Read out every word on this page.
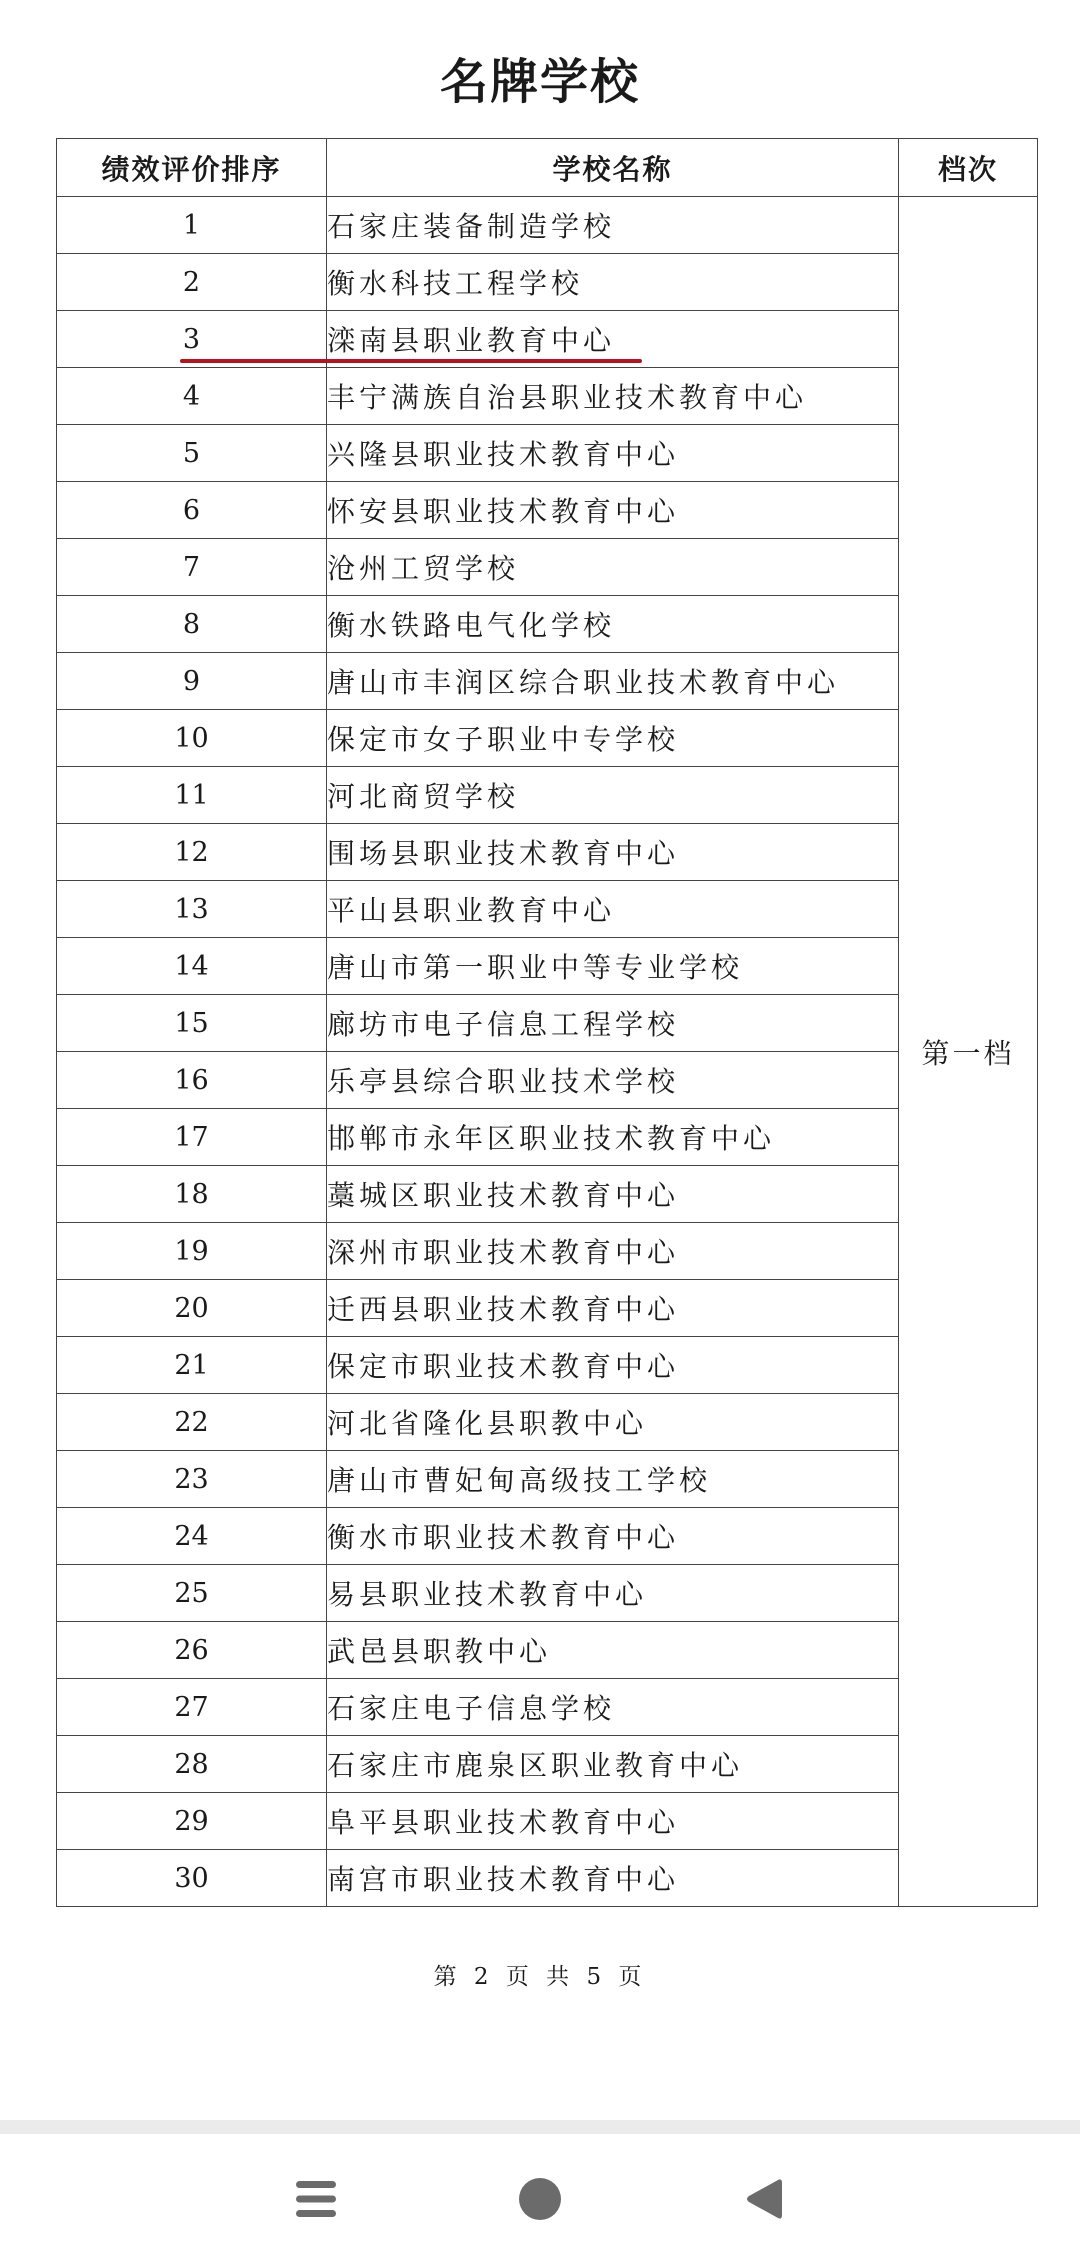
名牌学校
绩效评价排序	学校名称	档次
1	石家庄装备制造学校	第一档
2	衡水科技工程学校	
3	滦南县职业教育中心	
4	丰宁满族自治县职业技术教育中心	
5	兴隆县职业技术教育中心	
6	怀安县职业技术教育中心	
7	沧州工贸学校	
8	衡水铁路电气化学校	
9	唐山市丰润区综合职业技术教育中心	
10	保定市女子职业中专学校	
11	河北商贸学校	
12	围场县职业技术教育中心	
13	平山县职业教育中心	
14	唐山市第一职业中等专业学校	
15	廊坊市电子信息工程学校	
16	乐亭县综合职业技术学校	
17	邯郸市永年区职业技术教育中心	
18	藁城区职业技术教育中心	
19	深州市职业技术教育中心	
20	迁西县职业技术教育中心	
21	保定市职业技术教育中心	
22	河北省隆化县职教中心	
23	唐山市曹妃甸高级技工学校	
24	衡水市职业技术教育中心	
25	易县职业技术教育中心	
26	武邑县职教中心	
27	石家庄电子信息学校	
28	石家庄市鹿泉区职业教育中心	
29	阜平县职业技术教育中心	
30	南宫市职业技术教育中心	
第 2 页 共 5 页
